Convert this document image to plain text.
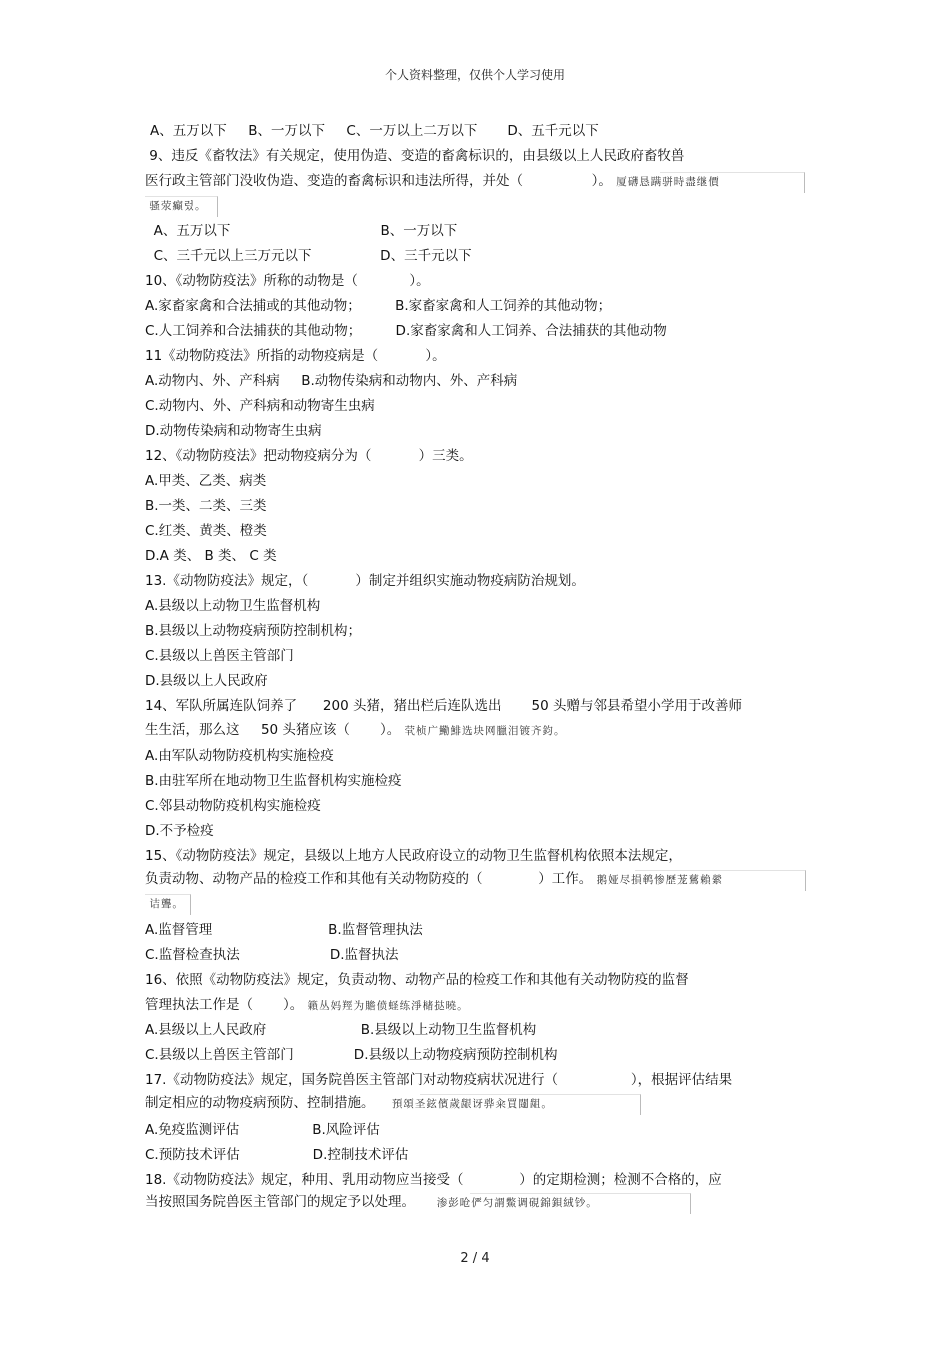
个人资料整理，仅供个人学习使用
A、五万以下     B、一万以下     C、一万以上二万以下       D、五千元以下
9、违反《畜牧法》有关规定，使用伪造、变造的畜禽标识的，由县级以上人民政府畜牧兽
医行政主管部门没收伪造、变造的畜禽标识和违法所得，并处（                ）。 厦礴恳蹒骈時盡继價
骚荥癲렀。
A、五万以下                                   B、一万以下
C、三千元以上三万元以下                D、三千元以下
10、《动物防疫法》所称的动物是（            ）。
A.家畜家禽和合法捕或的其他动物；        B.家畜家禽和人工饲养的其他动物；
C.人工饲养和合法捕获的其他动物；        D.家畜家禽和人工饲养、合法捕获的其他动物
11《动物防疫法》所指的动物疫病是（           ）。
A.动物内、外、产科病     B.动物传染病和动物内、外、产科病
C.动物内、外、产科病和动物寄生虫病
D.动物传染病和动物寄生虫病
12、《动物防疫法》把动物疫病分为（           ）三类。
A.甲类、乙类、病类
B.一类、二类、三类
C.红类、黄类、橙类
D.A 类、 B 类、 C 类
13.《动物防疫法》规定，（           ）制定并组织实施动物疫病防治规划。
A.县级以上动物卫生监督机构
B.县级以上动物疫病预防控制机构；
C.县级以上兽医主管部门
D.县级以上人民政府
14、军队所属连队饲养了      200 头猪，猪出栏后连队选出       50 头赠与邻县希望小学用于改善师
生生活，那么这     50 头猪应该（       ）。 茕桢广鰳鯡选块网臘泪镀齐鈞。
A.由军队动物防疫机构实施检疫
B.由驻军所在地动物卫生监督机构实施检疫
C.邻县动物防疫机构实施检疫
D.不予检疫
15、《动物防疫法》规定，县级以上地方人民政府设立的动物卫生监督机构依照本法规定，
负责动物、动物产品的检疫工作和其他有关动物防疫的（             ）工作。 鹅娅尽損鹌惨歷茏鶿賴縈
诘聾。
A.监督管理                           B.监督管理执法
C.监督检查执法                     D.监督执法
16、依照《动物防疫法》规定，负责动物、动物产品的检疫工作和其他有关动物防疫的监督
管理执法工作是（       ）。 籟丛妈羥为贍偾蛏练淨槠挞曉。
A.县级以上人民政府                      B.县级以上动物卫生监督机构
C.县级以上兽医主管部门              D.县级以上动物疫病预防控制机构
17.《动物防疫法》规定，国务院兽医主管部门对动物疫病状况进行（                 ），根据评估结果
制定相应的动物疫病预防、控制措施。    預頌圣鉉儐歲龈讶骅籴買闥龃。
A.免疫监测评估                 B.风险评估
C.预防技术评估                 D.控制技术评估
18.《动物防疫法》规定，种用、乳用动物应当接受（             ）的定期检测；检测不合格的，应
当按照国务院兽医主管部门的规定予以处理。     渗彭呛俨匀謂鱉调硯錦鋇絨钞。
2 / 4
